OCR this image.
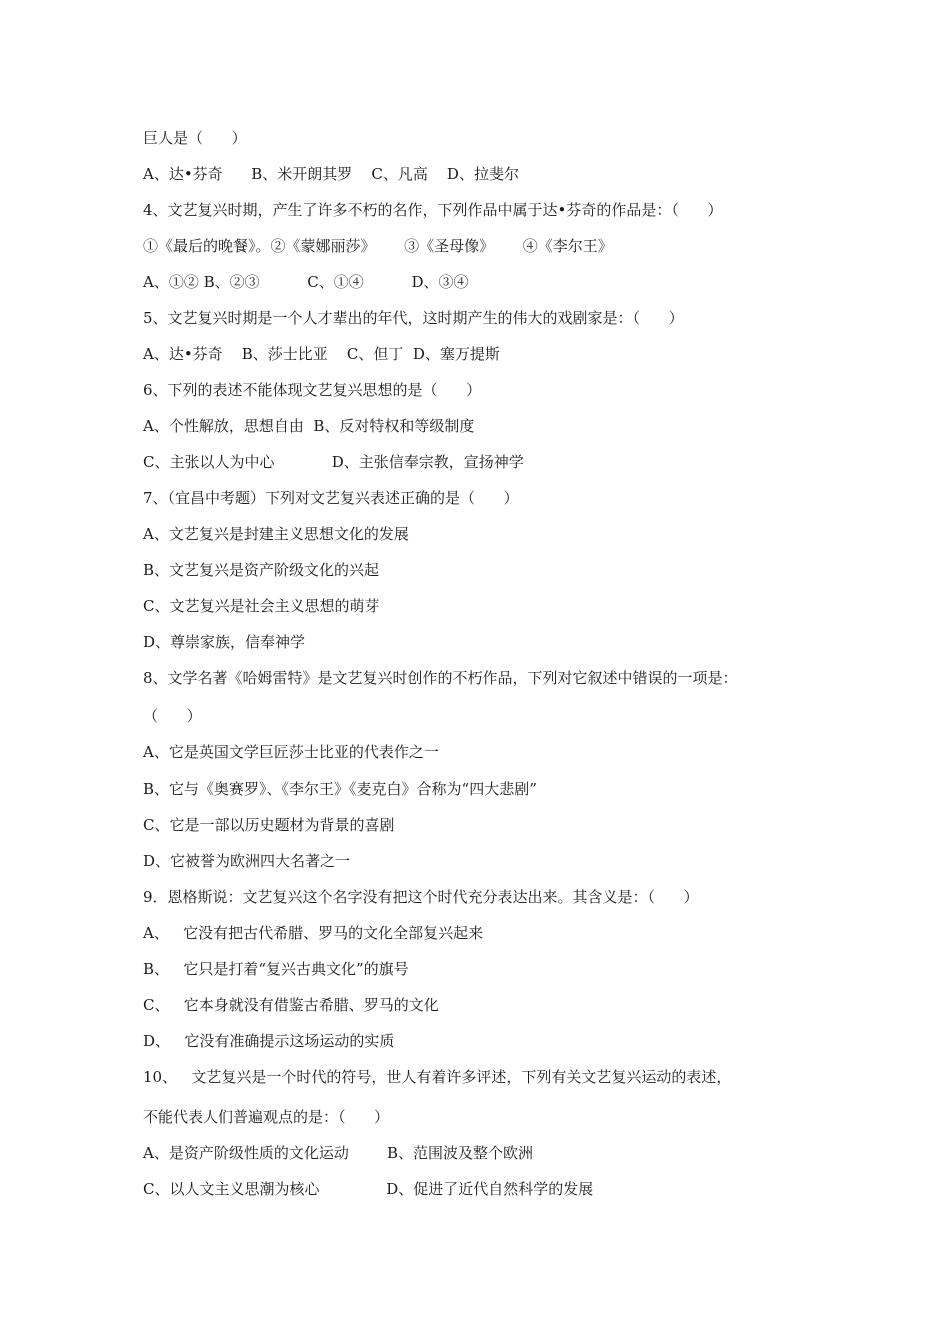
巨人是（      ）
A、达•芬奇      B、米开朗其罗    C、凡高    D、拉斐尔
4、文艺复兴时期，产生了许多不朽的名作，下列作品中属于达•芬奇的作品是：（      ）
①《最后的晚餐》。②《蒙娜丽莎》      ③《圣母像》      ④《李尔王》
A、①② B、②③          C、①④          D、③④
5、文艺复兴时期是一个人才辈出的年代，这时期产生的伟大的戏剧家是：（      ）
A、达•芬奇    B、莎士比亚    C、但丁  D、塞万提斯
6、下列的表述不能体现文艺复兴思想的是（      ）
A、个性解放，思想自由  B、反对特权和等级制度
C、主张以人为中心            D、主张信奉宗教，宣扬神学
7、（宜昌中考题）下列对文艺复兴表述正确的是（      ）
A、文艺复兴是封建主义思想文化的发展
B、文艺复兴是资产阶级文化的兴起
C、文艺复兴是社会主义思想的萌芽
D、尊崇家族，信奉神学
8、文学名著《哈姆雷特》是文艺复兴时创作的不朽作品，下列对它叙述中错误的一项是：
（      ）
A、它是英国文学巨匠莎士比亚的代表作之一
B、它与《奥赛罗》、《李尔王》《麦克白》合称为“四大悲剧”
C、它是一部以历史题材为背景的喜剧
D、它被誉为欧洲四大名著之一
9．恩格斯说：文艺复兴这个名字没有把这个时代充分表达出来。其含义是：（      ）
A、   它没有把古代希腊、罗马的文化全部复兴起来
B、   它只是打着“复兴古典文化”的旗号
C、   它本身就没有借鉴古希腊、罗马的文化
D、   它没有准确提示这场运动的实质
10、   文艺复兴是一个时代的符号，世人有着许多评述，下列有关文艺复兴运动的表述，
不能代表人们普遍观点的是：（      ）
A、是资产阶级性质的文化运动        B、范围波及整个欧洲
C、以人文主义思潮为核心              D、促进了近代自然科学的发展
